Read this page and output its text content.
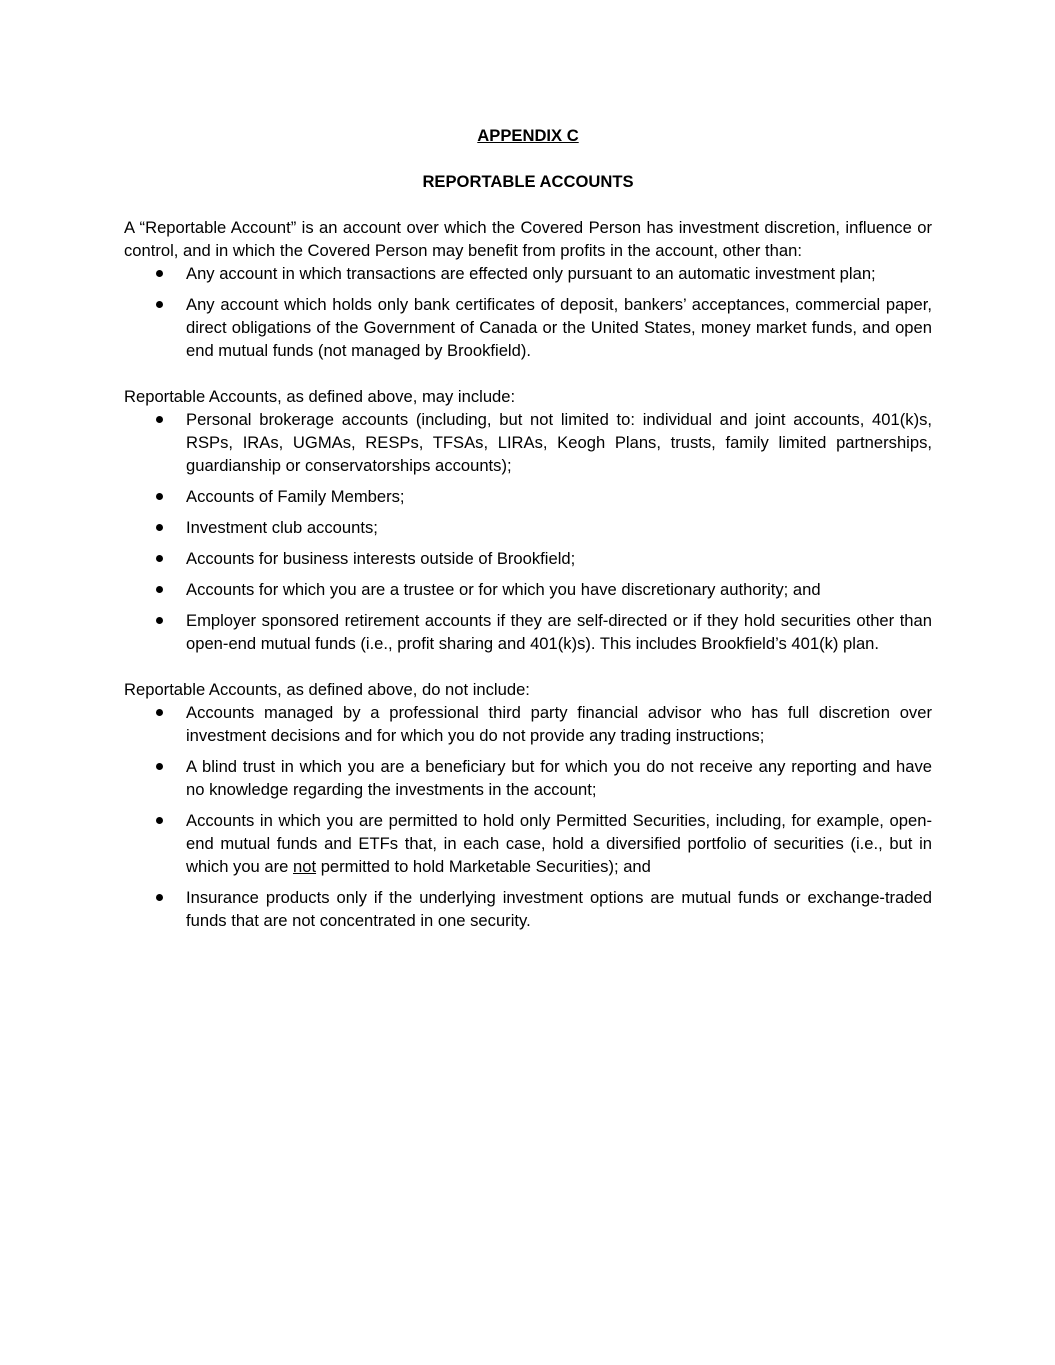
APPENDIX C
REPORTABLE ACCOUNTS

A “Reportable Account” is an account over which the Covered Person has investment discretion, influence or control, and in which the Covered Person may benefit from profits in the account, other than:

Any account in which transactions are effected only pursuant to an automatic investment plan;
Any account which holds only bank certificates of deposit, bankers’ acceptances, commercial paper, direct obligations of the Government of Canada or the United States, money market funds, and open end mutual funds (not managed by Brookfield).

Reportable Accounts, as defined above, may include:

Personal brokerage accounts (including, but not limited to: individual and joint accounts, 401(k)s, RSPs, IRAs, UGMAs, RESPs, TFSAs, LIRAs, Keogh Plans, trusts, family limited partnerships, guardianship or conservatorships accounts);
Accounts of Family Members;
Investment club accounts;
Accounts for business interests outside of Brookfield;
Accounts for which you are a trustee or for which you have discretionary authority; and
Employer sponsored retirement accounts if they are self-directed or if they hold securities other than open-end mutual funds (i.e., profit sharing and 401(k)s). This includes Brookfield’s 401(k) plan.

Reportable Accounts, as defined above, do not include:

Accounts managed by a professional third party financial advisor who has full discretion over investment decisions and for which you do not provide any trading instructions;
A blind trust in which you are a beneficiary but for which you do not receive any reporting and have no knowledge regarding the investments in the account;
Accounts in which you are permitted to hold only Permitted Securities, including, for example, open-end mutual funds and ETFs that, in each case, hold a diversified portfolio of securities (i.e., but in which you are not permitted to hold Marketable Securities); and
Insurance products only if the underlying investment options are mutual funds or exchange-traded funds that are not concentrated in one security.
